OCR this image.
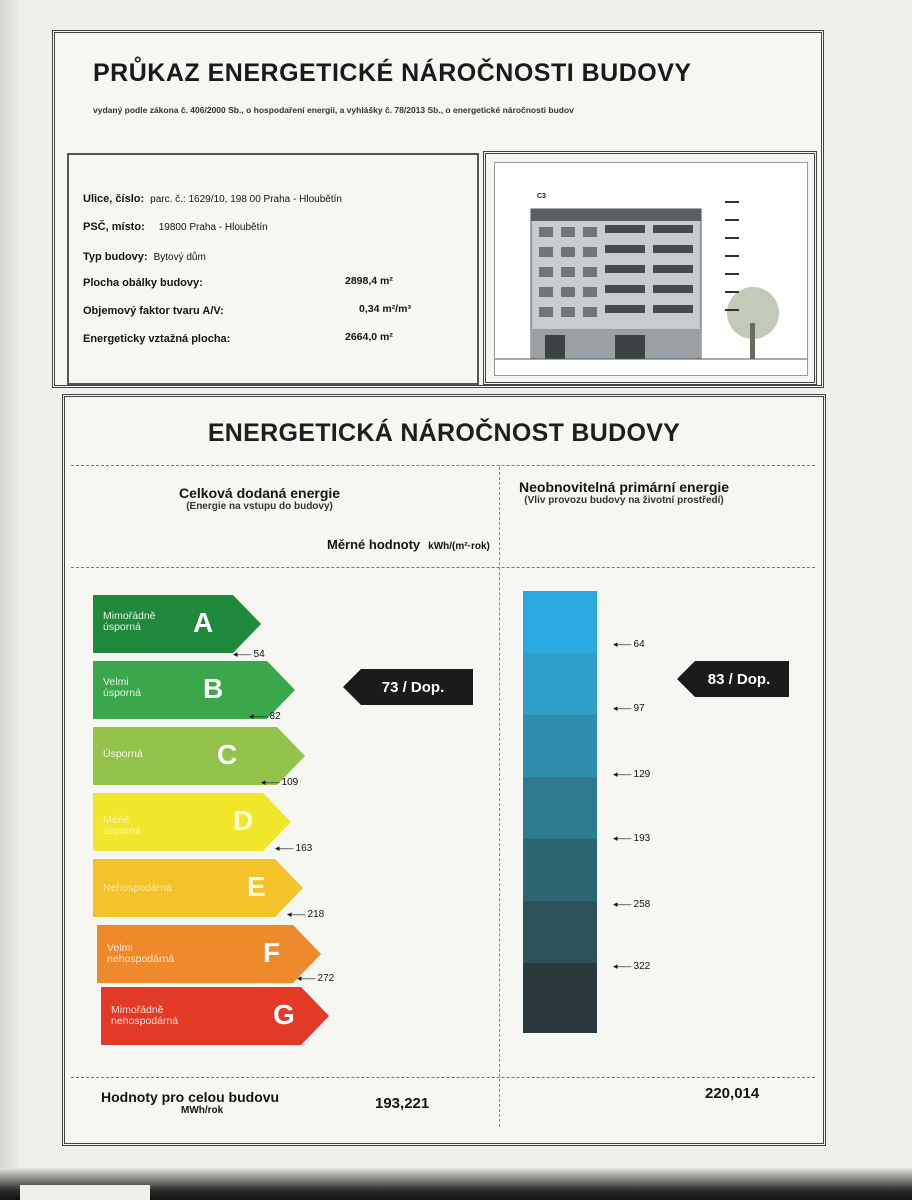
PRŮKAZ ENERGETICKÉ NÁROČNOSTI BUDOVY
vydaný podle zákona č. 406/2000 Sb., o hospodaření energií, a vyhlášky č. 78/2013 Sb., o energetické náročnosti budov
Ulice, číslo: parc. č.: 1629/10, 198 00 Praha - Hloubětín
PSČ, místo: 19800 Praha - Hloubětín
Typ budovy: Bytový dům
Plocha obálky budovy:	2898,4 m²
Objemový faktor tvaru A/V:	0,34 m²/m³
Energeticky vztažná plocha:	2664,0 m²
C3
ENERGETICKÁ NÁROČNOST BUDOVY
Celková dodaná energie
(Energie na vstupu do budovy)
Neobnovitelná primární energie
(Vliv provozu budovy na životní prostředí)
Měrné hodnoty kWh/(m²·rok)
Mimořádně
úsporná	A
Velmi
úsporná B
Úsporná	C
Méně úsporná	D
Nehospodárná	E
Velmi
nehospodárná	F
Mimořádně
nehospodárná	G
◂—— 54
◂—— 82
◂—— 109
◂—— 163
◂—— 218
◂—— 272
73 / Dop.
◂—— 64
◂—— 97
◂—— 129
◂—— 193
◂—— 258
◂—— 322
83 / Dop.
Hodnoty pro celou budovu
MWh/rok	193,221
220,014
